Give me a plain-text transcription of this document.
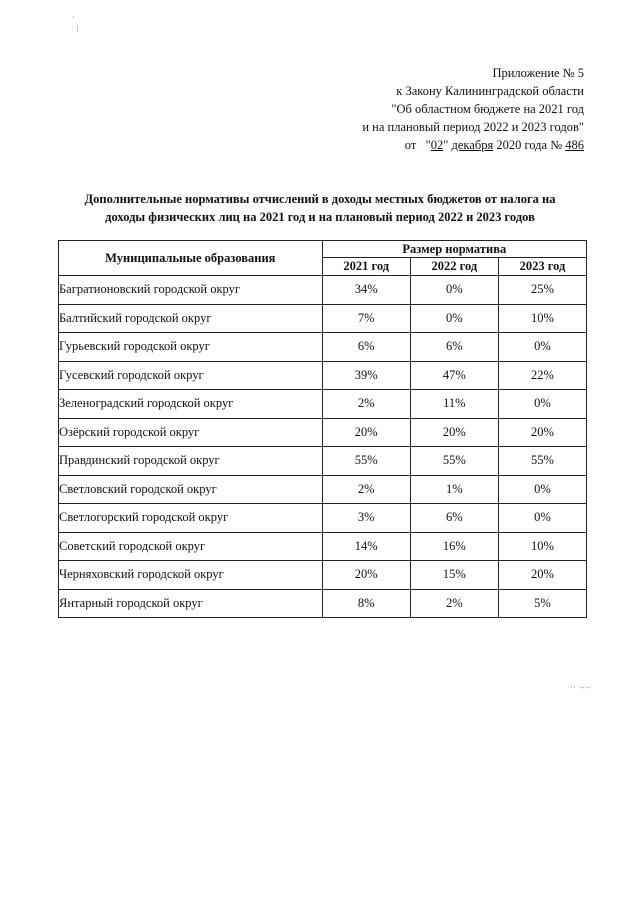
·
⁝
Приложение № 5
к Закону Калининградской области
"Об областном бюджете на 2021 год
и на плановый период 2022 и 2023 годов"
от   "02" декабря 2020 года № 486
Дополнительные нормативы отчислений в доходы местных бюджетов от налога на
доходы физических лиц на 2021 год и на плановый период 2022 и 2023 годов
Муниципальные образования	Размер норматива		
	2021 год	2022 год	2023 год
Багратионовский городской округ	34%	0%	25%
Балтийский городской округ	7%	0%	10%
Гурьевский городской округ	6%	6%	0%
Гусевский городской округ	39%	47%	22%
Зеленоградский городской округ	2%	11%	0%
Озёрский городской округ	20%	20%	20%
Правдинский городской округ	55%	55%	55%
Светловский городской округ	2%	1%	0%
Светлогорский городской округ	3%	6%	0%
Советский городской округ	14%	16%	10%
Черняховский городской округ	20%	15%	20%
Янтарный городской округ	8%	2%	5%
·· ·‐·‐
